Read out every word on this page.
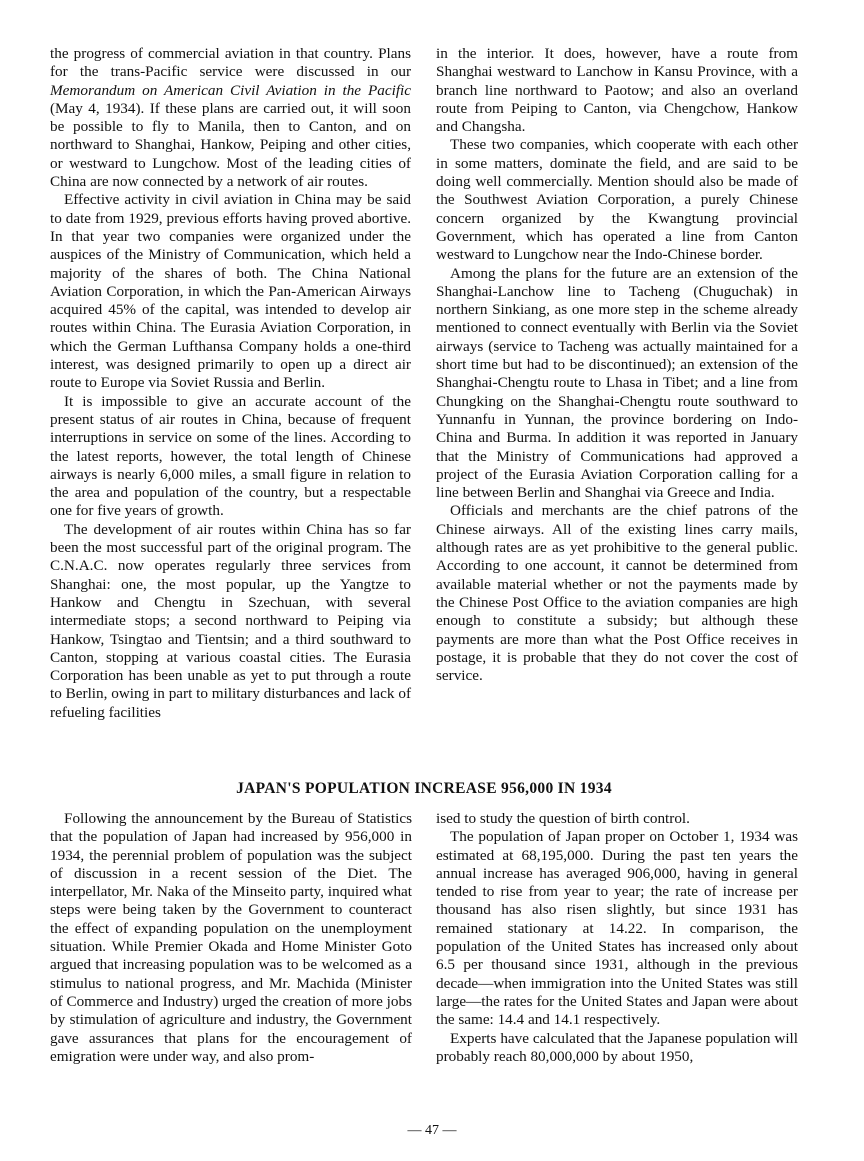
the progress of commercial aviation in that country. Plans for the trans-Pacific service were discussed in our Memorandum on American Civil Aviation in the Pacific (May 4, 1934). If these plans are carried out, it will soon be possible to fly to Manila, then to Canton, and on northward to Shanghai, Hankow, Peiping and other cities, or westward to Lungchow. Most of the leading cities of China are now connected by a network of air routes.

Effective activity in civil aviation in China may be said to date from 1929, previous efforts having proved abortive. In that year two companies were organized under the auspices of the Ministry of Communication, which held a majority of the shares of both. The China National Aviation Corporation, in which the Pan-American Airways acquired 45% of the capital, was intended to develop air routes within China. The Eurasia Aviation Corporation, in which the German Lufthansa Company holds a one-third interest, was designed primarily to open up a direct air route to Europe via Soviet Russia and Berlin.

It is impossible to give an accurate account of the present status of air routes in China, because of frequent interruptions in service on some of the lines. According to the latest reports, however, the total length of Chinese airways is nearly 6,000 miles, a small figure in relation to the area and population of the country, but a respectable one for five years of growth.

The development of air routes within China has so far been the most successful part of the original program. The C.N.A.C. now operates regularly three services from Shanghai: one, the most popular, up the Yangtze to Hankow and Chengtu in Szechuan, with several intermediate stops; a second northward to Peiping via Hankow, Tsingtao and Tientsin; and a third southward to Canton, stopping at various coastal cities. The Eurasia Corporation has been unable as yet to put through a route to Berlin, owing in part to military disturbances and lack of refueling facilities

in the interior. It does, however, have a route from Shanghai westward to Lanchow in Kansu Province, with a branch line northward to Paotow; and also an overland route from Peiping to Canton, via Chengchow, Hankow and Changsha.

These two companies, which cooperate with each other in some matters, dominate the field, and are said to be doing well commercially. Mention should also be made of the Southwest Aviation Corporation, a purely Chinese concern organized by the Kwangtung provincial Government, which has operated a line from Canton westward to Lungchow near the Indo-Chinese border.

Among the plans for the future are an extension of the Shanghai-Lanchow line to Tacheng (Chuguchak) in northern Sinkiang, as one more step in the scheme already mentioned to connect eventually with Berlin via the Soviet airways (service to Tacheng was actually maintained for a short time but had to be discontinued); an extension of the Shanghai-Chengtu route to Lhasa in Tibet; and a line from Chungking on the Shanghai-Chengtu route southward to Yunnanfu in Yunnan, the province bordering on Indo-China and Burma. In addition it was reported in January that the Ministry of Communications had approved a project of the Eurasia Aviation Corporation calling for a line between Berlin and Shanghai via Greece and India.

Officials and merchants are the chief patrons of the Chinese airways. All of the existing lines carry mails, although rates are as yet prohibitive to the general public. According to one account, it cannot be determined from available material whether or not the payments made by the Chinese Post Office to the aviation companies are high enough to constitute a subsidy; but although these payments are more than what the Post Office receives in postage, it is probable that they do not cover the cost of service.

JAPAN'S POPULATION INCREASE 956,000 IN 1934

Following the announcement by the Bureau of Statistics that the population of Japan had increased by 956,000 in 1934, the perennial problem of population was the subject of discussion in a recent session of the Diet. The interpellator, Mr. Naka of the Minseito party, inquired what steps were being taken by the Government to counteract the effect of expanding population on the unemployment situation. While Premier Okada and Home Minister Goto argued that increasing population was to be welcomed as a stimulus to national progress, and Mr. Machida (Minister of Commerce and Industry) urged the creation of more jobs by stimulation of agriculture and industry, the Government gave assurances that plans for the encouragement of emigration were under way, and also prom-

ised to study the question of birth control.

The population of Japan proper on October 1, 1934 was estimated at 68,195,000. During the past ten years the annual increase has averaged 906,000, having in general tended to rise from year to year; the rate of increase per thousand has also risen slightly, but since 1931 has remained stationary at 14.22. In comparison, the population of the United States has increased only about 6.5 per thousand since 1931, although in the previous decade—when immigration into the United States was still large—the rates for the United States and Japan were about the same: 14.4 and 14.1 respectively.

Experts have calculated that the Japanese population will probably reach 80,000,000 by about 1950,

— 47 —
